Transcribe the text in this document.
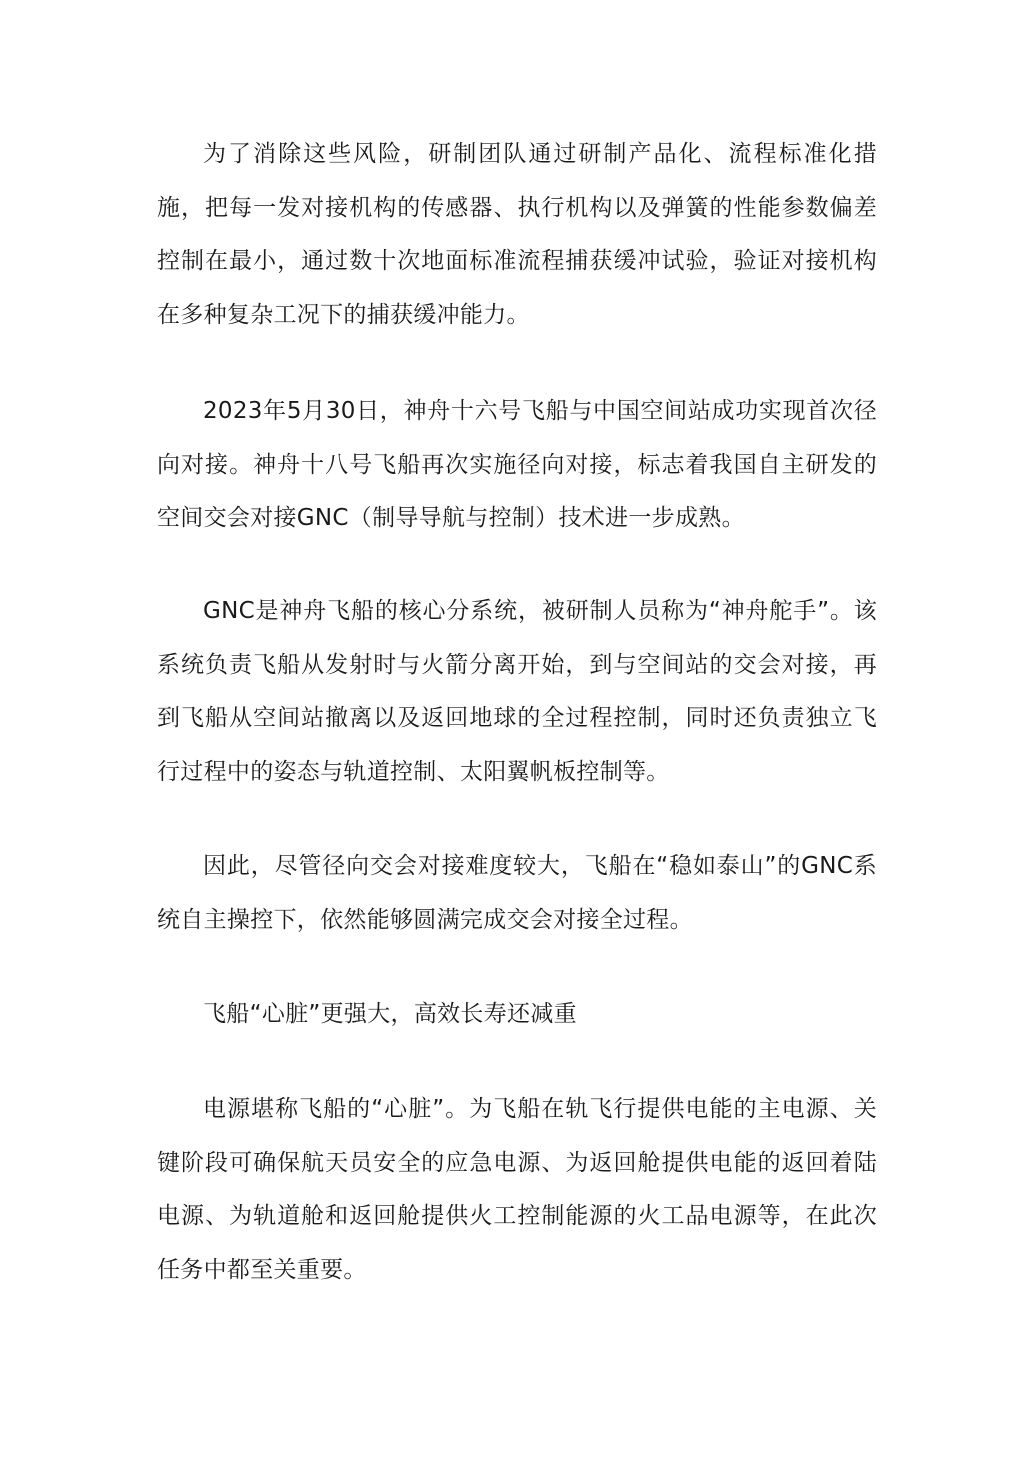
为了消除这些风险，研制团队通过研制产品化、流程标准化措施，把每一发对接机构的传感器、执行机构以及弹簧的性能参数偏差控制在最小，通过数十次地面标准流程捕获缓冲试验，验证对接机构在多种复杂工况下的捕获缓冲能力。

2023年5月30日，神舟十六号飞船与中国空间站成功实现首次径向对接。神舟十八号飞船再次实施径向对接，标志着我国自主研发的空间交会对接GNC（制导导航与控制）技术进一步成熟。

GNC是神舟飞船的核心分系统，被研制人员称为“神舟舵手”。该系统负责飞船从发射时与火箭分离开始，到与空间站的交会对接，再到飞船从空间站撤离以及返回地球的全过程控制，同时还负责独立飞行过程中的姿态与轨道控制、太阳翼帆板控制等。

因此，尽管径向交会对接难度较大，飞船在“稳如泰山”的GNC系统自主操控下，依然能够圆满完成交会对接全过程。

飞船“心脏”更强大，高效长寿还减重

电源堪称飞船的“心脏”。为飞船在轨飞行提供电能的主电源、关键阶段可确保航天员安全的应急电源、为返回舱提供电能的返回着陆电源、为轨道舱和返回舱提供火工控制能源的火工品电源等，在此次任务中都至关重要。
